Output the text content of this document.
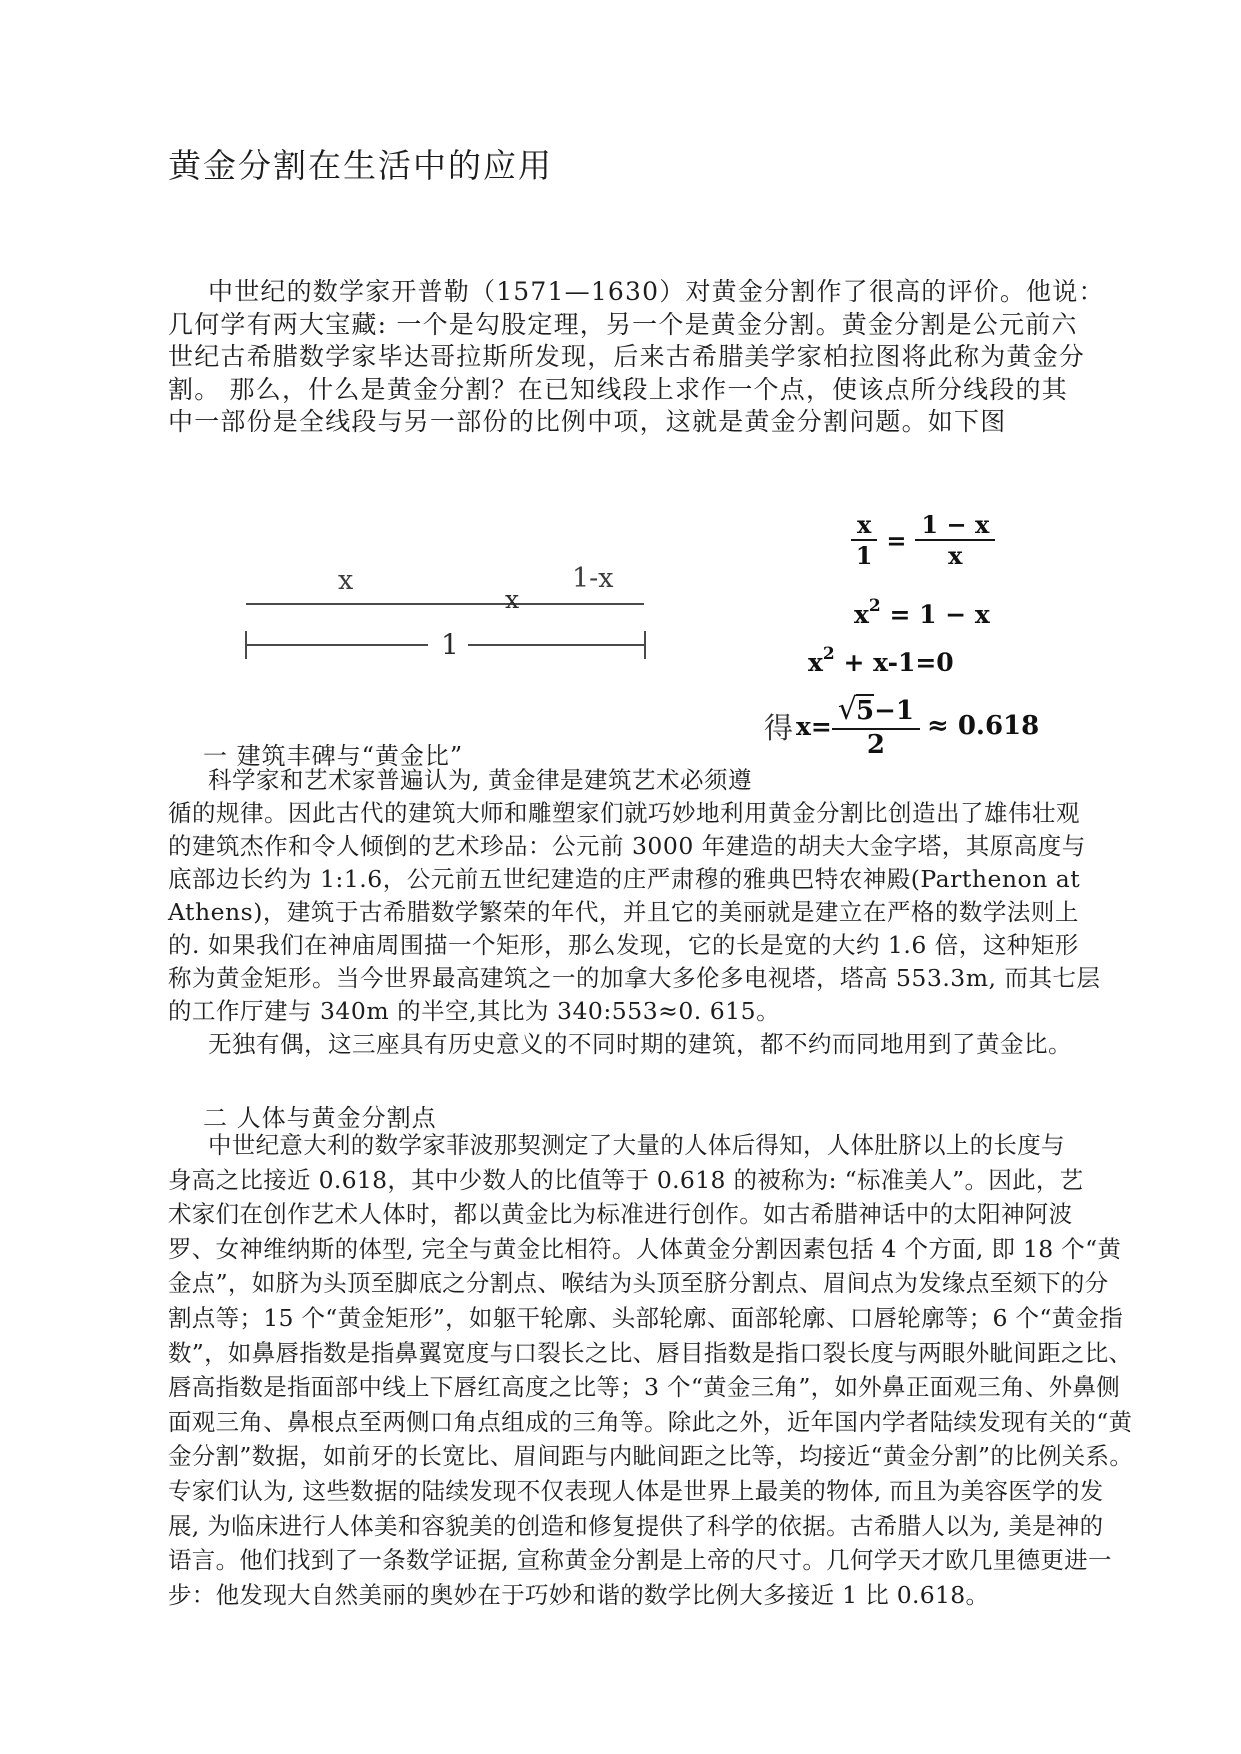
黄金分割在生活中的应用
中世纪的数学家开普勒（1571—1630）对黄金分割作了很高的评价。他说：
几何学有两大宝藏: 一个是勾股定理，另一个是黄金分割。黄金分割是公元前六
世纪古希腊数学家毕达哥拉斯所发现，后来古希腊美学家柏拉图将此称为黄金分
割。 那么，什么是黄金分割？在已知线段上求作一个点，使该点所分线段的其
中一部份是全线段与另一部份的比例中项，这就是黄金分割问题。如下图
x	1-x
x
1
$\frac{x}{1} = \frac{1 - x}{x}$
$x^2 = 1 - x$
$x^2 + x-1=0$
得 $x= \frac{√5-1}{2} \approx 0.618$
一 建筑丰碑与“黄金比”
科学家和艺术家普遍认为, 黄金律是建筑艺术必须遵
循的规律。因此古代的建筑大师和雕塑家们就巧妙地利用黄金分割比创造出了雄伟壮观
的建筑杰作和令人倾倒的艺术珍品：公元前 3000 年建造的胡夫大金字塔，其原高度与
底部边长约为 1:1.6，公元前五世纪建造的庄严肃穆的雅典巴特农神殿(Parthenon at
Athens)，建筑于古希腊数学繁荣的年代，并且它的美丽就是建立在严格的数学法则上
的. 如果我们在神庙周围描一个矩形，那么发现，它的长是宽的大约 1.6 倍，这种矩形
称为黄金矩形。当今世界最高建筑之一的加拿大多伦多电视塔，塔高 553.3m, 而其七层
的工作厅建与 340m 的半空,其比为 340:553≈0. 615。
无独有偶，这三座具有历史意义的不同时期的建筑，都不约而同地用到了黄金比。
二 人体与黄金分割点
中世纪意大利的数学家菲波那契测定了大量的人体后得知，人体肚脐以上的长度与
身高之比接近 0.618，其中少数人的比值等于 0.618 的被称为: “标准美人”。因此，艺
术家们在创作艺术人体时，都以黄金比为标准进行创作。如古希腊神话中的太阳神阿波
罗、女神维纳斯的体型, 完全与黄金比相符。人体黄金分割因素包括 4 个方面, 即 18 个“黄
金点”，如脐为头顶至脚底之分割点、喉结为头顶至脐分割点、眉间点为发缘点至颏下的分
割点等；15 个“黄金矩形”，如躯干轮廓、头部轮廓、面部轮廓、口唇轮廓等；6 个“黄金指
数”，如鼻唇指数是指鼻翼宽度与口裂长之比、唇目指数是指口裂长度与两眼外眦间距之比、
唇高指数是指面部中线上下唇红高度之比等；3 个“黄金三角”，如外鼻正面观三角、外鼻侧
面观三角、鼻根点至两侧口角点组成的三角等。除此之外，近年国内学者陆续发现有关的“黄
金分割”数据，如前牙的长宽比、眉间距与内眦间距之比等，均接近“黄金分割”的比例关系。
专家们认为, 这些数据的陆续发现不仅表现人体是世界上最美的物体, 而且为美容医学的发
展, 为临床进行人体美和容貌美的创造和修复提供了科学的依据。古希腊人以为, 美是神的
语言。他们找到了一条数学证据, 宣称黄金分割是上帝的尺寸。几何学天才欧几里德更进一
步：他发现大自然美丽的奥妙在于巧妙和谐的数学比例大多接近 1 比 0.618。
